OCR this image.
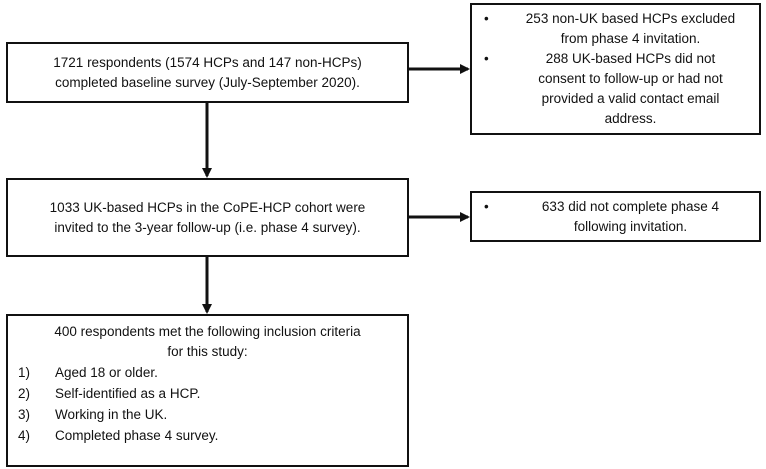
1721 respondents (1574 HCPs and 147 non-HCPs)
completed baseline survey (July-September 2020).
1033 UK-based HCPs in the CoPE-HCP cohort were
invited to the 3-year follow-up (i.e. phase 4 survey).
400 respondents met the following inclusion criteria
for this study:
1)	Aged 18 or older.
2)	Self-identified as a HCP.
3)	Working in the UK.
4)	Completed phase 4 survey.
•	253 non-UK based HCPs excluded
from phase 4 invitation.
•	288 UK-based HCPs did not
consent to follow-up or had not
provided a valid contact email
address.
•	633 did not complete phase 4
following invitation.
